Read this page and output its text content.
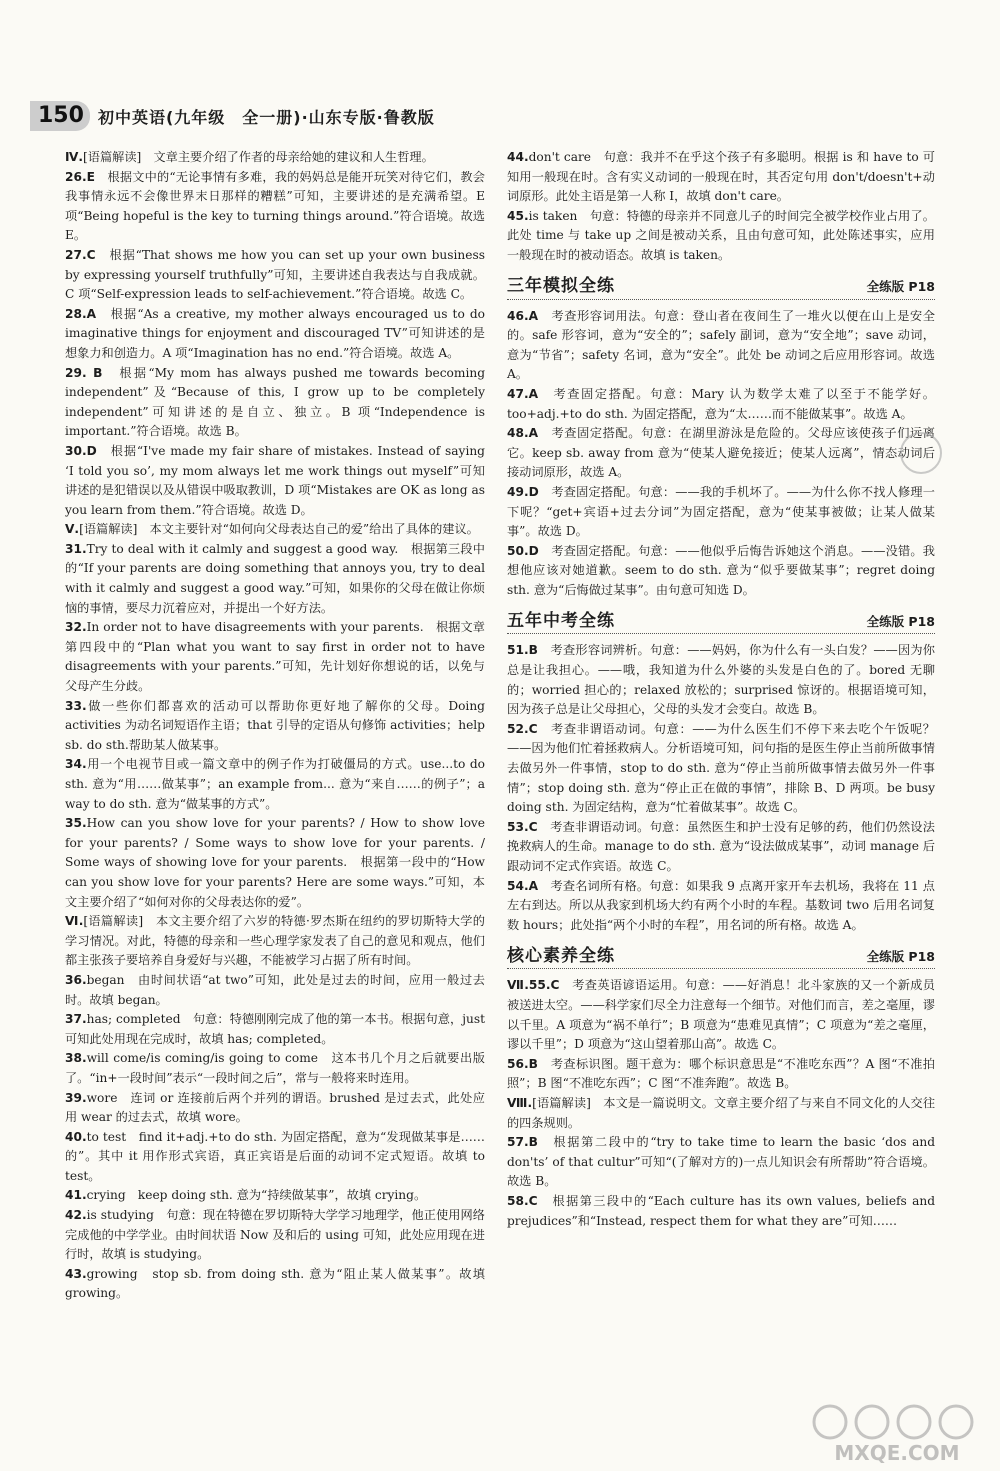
150 初中英语(九年级　全一册)·山东专版·鲁教版

Ⅳ.[语篇解读]　文章主要介绍了作者的母亲给她的建议和人生哲理。

26.E　根据文中的“无论事情有多难，我的妈妈总是能开玩笑对待它们，教会我事情永远不会像世界末日那样的糟糕”可知，主要讲述的是充满希望。E 项“Being hopeful is the key to turning things around.”符合语境。故选 E。

27.C　根据“That shows me how you can set up your own business by expressing yourself truthfully”可知，主要讲述自我表达与自我成就。C 项“Self-expression leads to self-achievement.”符合语境。故选 C。

28.A　根据“As a creative, my mother always encouraged us to do imaginative things for enjoyment and discouraged TV”可知讲述的是想象力和创造力。A 项“Imagination has no end.”符合语境。故选 A。

29. B　根据“My mom has always pushed me towards becoming independent”及“Because of this, I grow up to be completely independent”可知讲述的是自立、独立。B 项“Independence is important.”符合语境。故选 B。

30.D　根据“I've made my fair share of mistakes. Instead of saying ‘I told you so’, my mom always let me work things out myself”可知讲述的是犯错误以及从错误中吸取教训，D 项“Mistakes are OK as long as you learn from them.”符合语境。故选 D。

Ⅴ.[语篇解读]　本文主要针对“如何向父母表达自己的爱”给出了具体的建议。

31.Try to deal with it calmly and suggest a good way.　根据第三段中的“If your parents are doing something that annoys you, try to deal with it calmly and suggest a good way.”可知，如果你的父母在做让你烦恼的事情，要尽力沉着应对，并提出一个好方法。

32.In order not to have disagreements with your parents.　根据文章第四段中的“Plan what you want to say first in order not to have disagreements with your parents.”可知，先计划好你想说的话，以免与父母产生分歧。

33.做一些你们都喜欢的活动可以帮助你更好地了解你的父母。Doing activities 为动名词短语作主语；that 引导的定语从句修饰 activities；help sb. do sth.帮助某人做某事。

34.用一个电视节目或一篇文章中的例子作为打破僵局的方式。use...to do sth. 意为“用……做某事”；an example from... 意为“来自……的例子”；a way to do sth. 意为“做某事的方式”。

35.How can you show love for your parents? / How to show love for your parents? / Some ways to show love for your parents. / Some ways of showing love for your parents.　根据第一段中的“How can you show love for your parents? Here are some ways.”可知，本文主要介绍了“如何对你的父母表达你的爱”。

Ⅵ.[语篇解读]　本文主要介绍了六岁的特德·罗杰斯在纽约的罗切斯特大学的学习情况。对此，特德的母亲和一些心理学家发表了自己的意见和观点，他们都主张孩子要培养自身爱好与兴趣，不能被学习占据了所有时间。

36.began　由时间状语“at two”可知，此处是过去的时间，应用一般过去时。故填 began。

37.has; completed　句意：特德刚刚完成了他的第一本书。根据句意，just 可知此处用现在完成时，故填 has; completed。

38.will come/is coming/is going to come　这本书几个月之后就要出版了。“in+一段时间”表示“一段时间之后”，常与一般将来时连用。

39.wore　连词 or 连接前后两个并列的谓语。brushed 是过去式，此处应用 wear 的过去式，故填 wore。

40.to test　find it+adj.+to do sth. 为固定搭配，意为“发现做某事是……的”。其中 it 用作形式宾语，真正宾语是后面的动词不定式短语。故填 to test。

41.crying　keep doing sth. 意为“持续做某事”，故填 crying。

42.is studying　句意：现在特德在罗切斯特大学学习地理学，他正使用网络完成他的中学学业。由时间状语 Now 及和后的 using 可知，此处应用现在进行时，故填 is studying。

43.growing　stop sb. from doing sth. 意为“阻止某人做某事”。故填 growing。

44.don't care　句意：我并不在乎这个孩子有多聪明。根据 is 和 have to 可知用一般现在时。含有实义动词的一般现在时，其否定句用 don't/doesn't+动词原形。此处主语是第一人称 I，故填 don't care。

45.is taken　句意：特德的母亲并不同意儿子的时间完全被学校作业占用了。此处 time 与 take up 之间是被动关系，且由句意可知，此处陈述事实，应用一般现在时的被动语态。故填 is taken。

三年模拟全练	全练版 P18

46.A　考查形容词用法。句意：登山者在夜间生了一堆火以便在山上是安全的。safe 形容词，意为“安全的”；safely 副词，意为“安全地”；save 动词，意为“节省”；safety 名词，意为“安全”。此处 be 动词之后应用形容词。故选 A。

47.A　考查固定搭配。句意：Mary 认为数学太难了以至于不能学好。too+adj.+to do sth. 为固定搭配，意为“太……而不能做某事”。故选 A。

48.A　考查固定搭配。句意：在湖里游泳是危险的。父母应该使孩子们远离它。keep sb. away from 意为“使某人避免接近；使某人远离”，情态动词后接动词原形，故选 A。

49.D　考查固定搭配。句意：——我的手机坏了。——为什么你不找人修理一下呢？“get+宾语+过去分词”为固定搭配，意为“使某事被做；让某人做某事”。故选 D。

50.D　考查固定搭配。句意：——他似乎后悔告诉她这个消息。——没错。我想他应该对她道歉。seem to do sth. 意为“似乎要做某事”；regret doing sth. 意为“后悔做过某事”。由句意可知选 D。

五年中考全练	全练版 P18

51.B　考查形容词辨析。句意：——妈妈，你为什么有一头白发？——因为你总是让我担心。——哦，我知道为什么外婆的头发是白色的了。bored 无聊的；worried 担心的；relaxed 放松的；surprised 惊讶的。根据语境可知，因为孩子总是让父母担心，父母的头发才会变白。故选 B。

52.C　考查非谓语动词。句意：——为什么医生们不停下来去吃个午饭呢？——因为他们忙着拯救病人。分析语境可知，问句指的是医生停止当前所做事情去做另外一件事情，stop to do sth. 意为“停止当前所做事情去做另外一件事情”；stop doing sth. 意为“停止正在做的事情”，排除 B、D 两项。be busy doing sth. 为固定结构，意为“忙着做某事”。故选 C。

53.C　考查非谓语动词。句意：虽然医生和护士没有足够的药，他们仍然设法挽救病人的生命。manage to do sth. 意为“设法做成某事”，动词 manage 后跟动词不定式作宾语。故选 C。

54.A　考查名词所有格。句意：如果我 9 点离开家开车去机场，我将在 11 点左右到达。所以从我家到机场大约有两个小时的车程。基数词 two 后用名词复数 hours；此处指“两个小时的车程”，用名词的所有格。故选 A。

核心素养全练	全练版 P18

Ⅶ.55.C　考查英语谚语运用。句意：——好消息！北斗家族的又一个新成员被送进太空。——科学家们尽全力注意每一个细节。对他们而言，差之毫厘，谬以千里。A 项意为“祸不单行”；B 项意为“患难见真情”；C 项意为“差之毫厘，谬以千里”；D 项意为“这山望着那山高”。故选 C。

56.B　考查标识图。题干意为：哪个标识意思是“不准吃东西”？A 图“不准拍照”；B 图“不准吃东西”；C 图“不准奔跑”。故选 B。

Ⅷ.[语篇解读]　本文是一篇说明文。文章主要介绍了与来自不同文化的人交往的四条规则。

57.B　根据第二段中的“try to take time to learn the basic ‘dos and don'ts’ of that cultur”可知“(了解对方的)一点儿知识会有所帮助”符合语境。故选 B。

58.C　根据第三段中的“Each culture has its own values, beliefs and prejudices”和“Instead, respect them for what they are”可知……

MXQE.COM
